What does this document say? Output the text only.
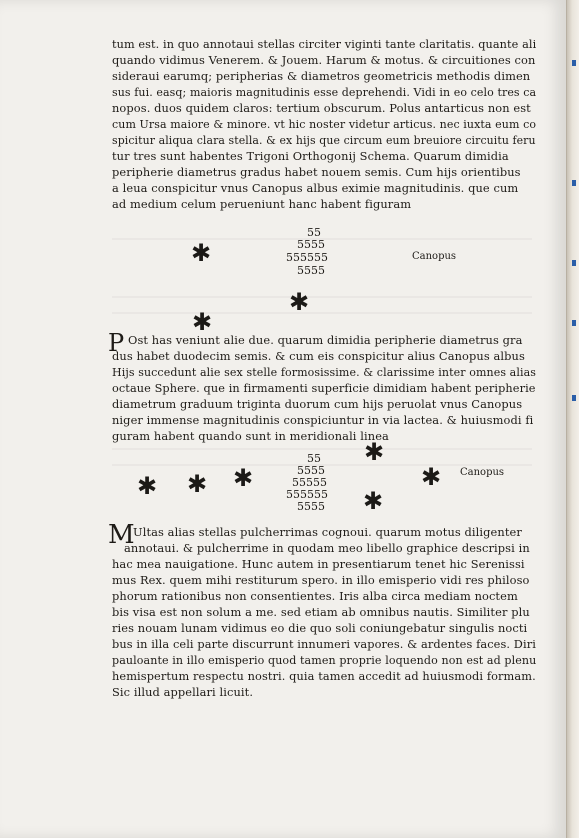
tum est. in quo annotaui stellas circiter viginti tante claritatis. quante ali
quando vidimus Venerem. & Jouem. Harum & motus. & circuitiones con
sideraui earumq; peripherias & diametros geometricis methodis dimen
sus fui. easq; maioris magnitudinis esse deprehendi. Vidi in eo celo tres ca
nopos. duos quidem claros: tertium obscurum. Polus antarticus non est
cum Ursa maiore & minore. vt hic noster videtur articus. nec iuxta eum co
spicitur aliqua clara stella. & ex hijs que circum eum breuiore circuitu feru
tur tres sunt habentes Trigoni Orthogonij Schema. Quarum dimidia
peripherie diametrus gradus habet nouem semis. Cum hijs orientibus
a leua conspicitur vnus Canopus albus eximie magnitudinis. que cum
ad medium celum perueniunt hanc habent figuram
✱
✱
✱
55
5555
555555
5555
Canopus
P Ost has veniunt alie due. quarum dimidia peripherie diametrus gra
dus habet duodecim semis. & cum eis conspicitur alius Canopus albus
Hijs succedunt alie sex stelle formosissime. & clarissime inter omnes alias
octaue Sphere. que in firmamenti superficie dimidiam habent peripherie
diametrum graduum triginta duorum cum hijs peruolat vnus Canopus
niger immense magnitudinis conspiciuntur in via lactea. & huiusmodi fi
guram habent quando sunt in meridionali linea
✱
✱	✱
✱ ✱
✱
55
5555
55555
555555
5555
Canopus
M
Ultas alias stellas pulcherrimas cognoui. quarum motus diligenter
annotaui. & pulcherrime in quodam meo libello graphice descripsi in
hac mea nauigatione. Hunc autem in presentiarum tenet hic Serenissi
mus Rex. quem mihi restiturum spero. in illo emisperio vidi res philoso
phorum rationibus non consentientes. Iris alba circa mediam noctem
bis visa est non solum a me. sed etiam ab omnibus nautis. Similiter plu
ries nouam lunam vidimus eo die quo soli coniungebatur singulis nocti
bus in illa celi parte discurrunt innumeri vapores. & ardentes faces. Diri
pauloante in illo emisperio quod tamen proprie loquendo non est ad plenu
hemispertum respectu nostri. quia tamen accedit ad huiusmodi formam.
Sic illud appellari licuit.
